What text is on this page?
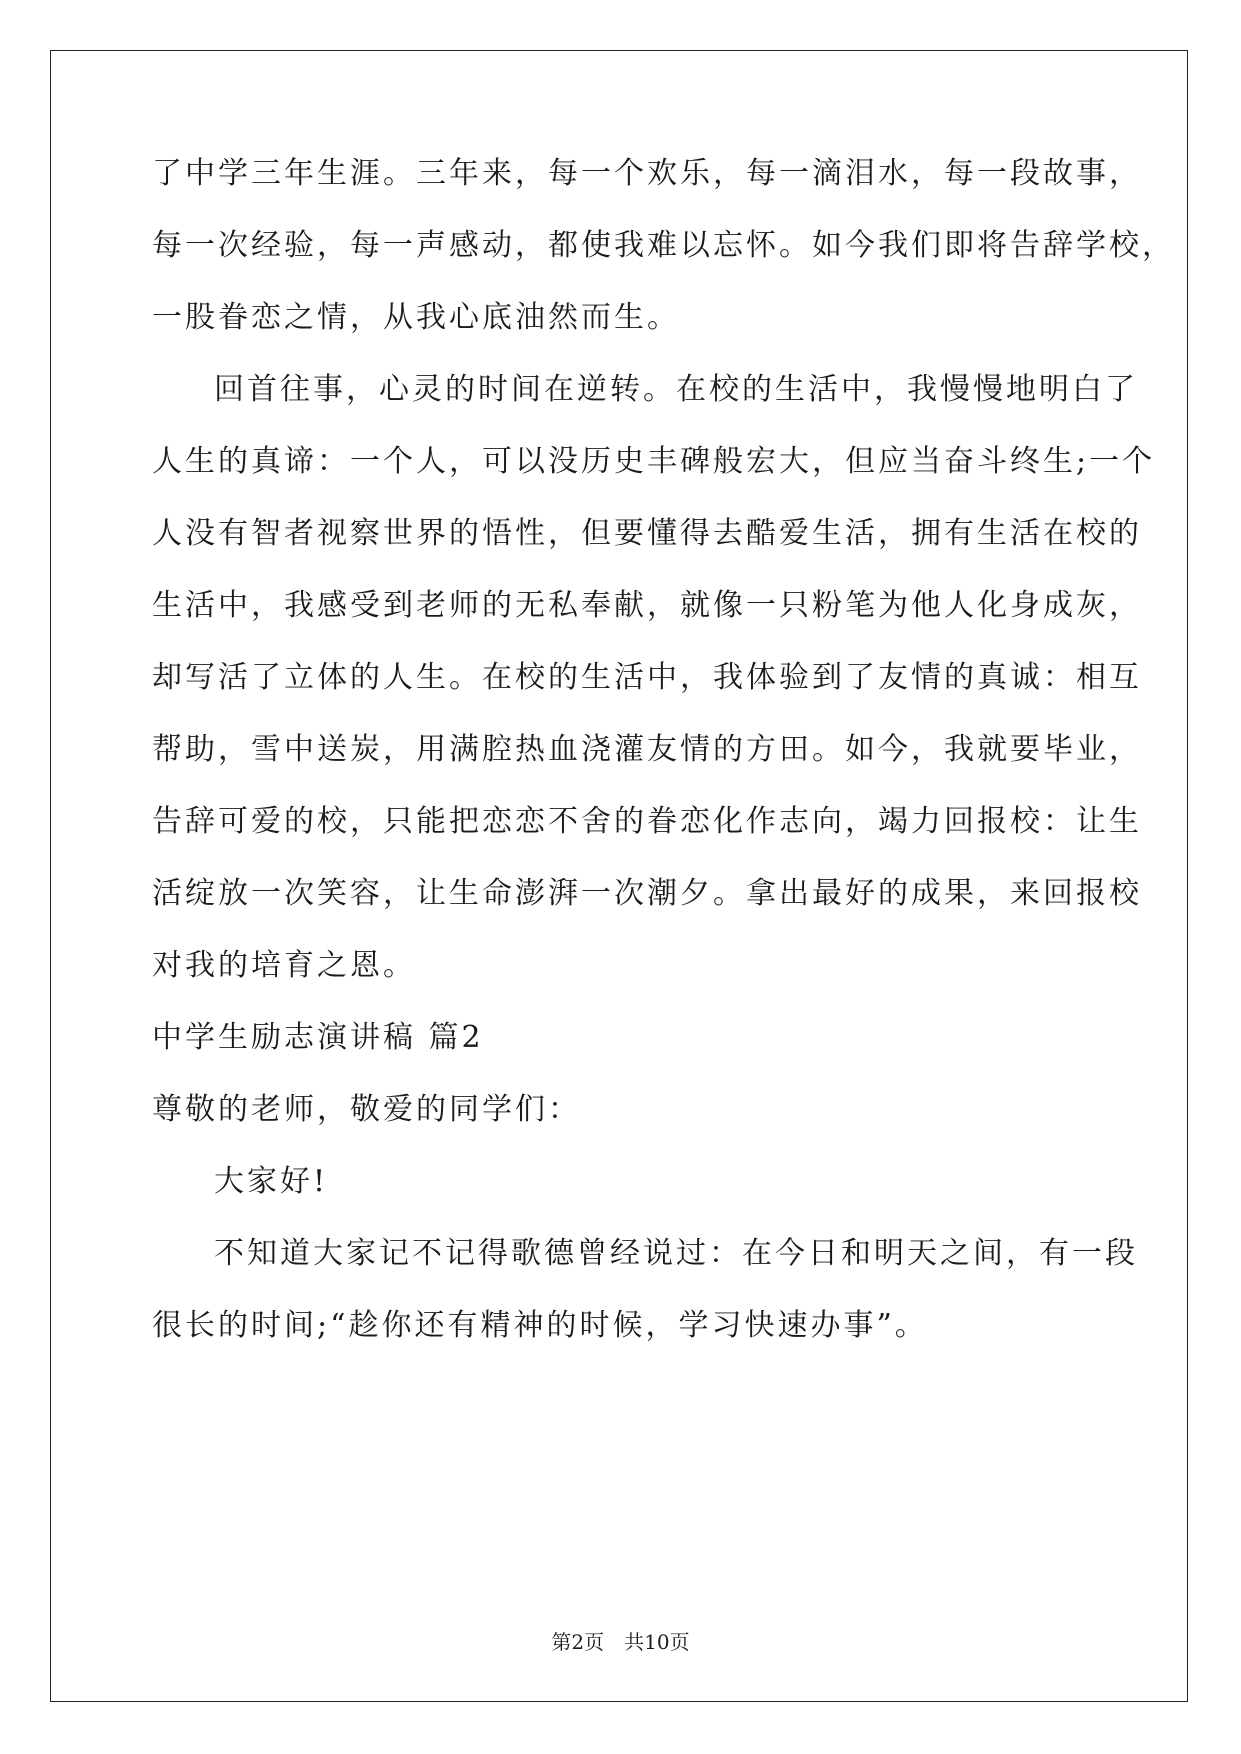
了中学三年生涯。三年来，每一个欢乐，每一滴泪水，每一段故事，
每一次经验，每一声感动，都使我难以忘怀。如今我们即将告辞学校，
一股眷恋之情，从我心底油然而生。
回首往事，心灵的时间在逆转。在校的生活中，我慢慢地明白了
人生的真谛：一个人，可以没历史丰碑般宏大，但应当奋斗终生;一个
人没有智者视察世界的悟性，但要懂得去酷爱生活，拥有生活在校的
生活中，我感受到老师的无私奉献，就像一只粉笔为他人化身成灰，
却写活了立体的人生。在校的生活中，我体验到了友情的真诚：相互
帮助，雪中送炭，用满腔热血浇灌友情的方田。如今，我就要毕业，
告辞可爱的校，只能把恋恋不舍的眷恋化作志向，竭力回报校：让生
活绽放一次笑容，让生命澎湃一次潮夕。拿出最好的成果，来回报校
对我的培育之恩。
中学生励志演讲稿 篇2
尊敬的老师，敬爱的同学们：
大家好!
不知道大家记不记得歌德曾经说过：在今日和明天之间，有一段
很长的时间;“趁你还有精神的时候，学习快速办事”。
第2页 共10页
